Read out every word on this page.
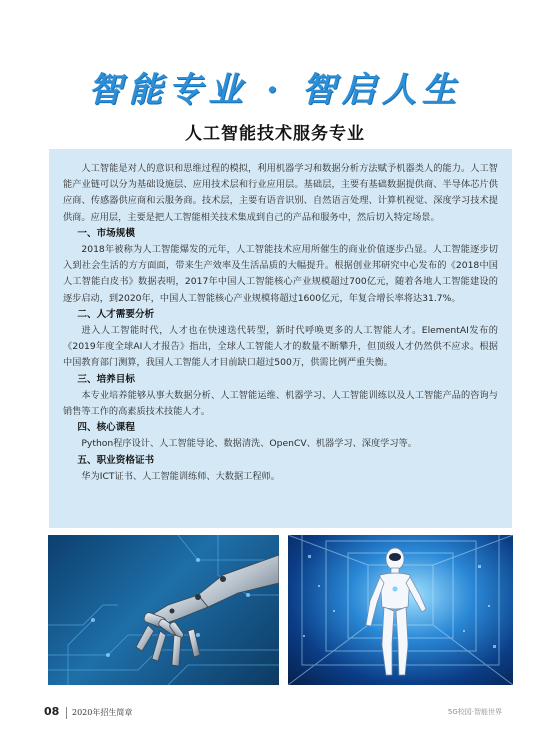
智能专业 · 智启人生
人工智能技术服务专业

人工智能是对人的意识和思维过程的模拟，利用机器学习和数据分析方法赋予机器类人的能力。人工智能产业链可以分为基础设施层、应用技术层和行业应用层。基础层，主要有基础数据提供商、半导体芯片供应商、传感器供应商和云服务商。技术层，主要有语音识别、自然语言处理、计算机视觉、深度学习技术提供商。应用层，主要是把人工智能相关技术集成到自己的产品和服务中，然后切入特定场景。

一、市场规模

2018年被称为人工智能爆发的元年，人工智能技术应用所催生的商业价值逐步凸显。人工智能逐步切入到社会生活的方方面面，带来生产效率及生活品质的大幅提升。根据创业邦研究中心发布的《2018中国人工智能白皮书》数据表明，2017年中国人工智能核心产业规模超过700亿元，随着各地人工智能建设的逐步启动，到2020年，中国人工智能核心产业规模将超过1600亿元，年复合增长率将达31.7%。

二、人才需要分析

进入人工智能时代，人才也在快速迭代转型，新时代呼唤更多的人工智能人才。ElementAI发布的《2019年度全球AI人才报告》指出，全球人工智能人才的数量不断攀升，但顶级人才仍然供不应求。根据中国教育部门测算，我国人工智能人才目前缺口超过500万，供需比例严重失衡。

三、培养目标

本专业培养能够从事大数据分析、人工智能运维、机器学习、人工智能训练以及人工智能产品的咨询与销售等工作的高素质技术技能人才。

四、核心课程

Python程序设计、人工智能导论、数据清洗、OpenCV、机器学习、深度学习等。

五、职业资格证书

华为ICT证书、人工智能训练师、大数据工程师。

08 2020年招生简章	5G校园·智能世界
